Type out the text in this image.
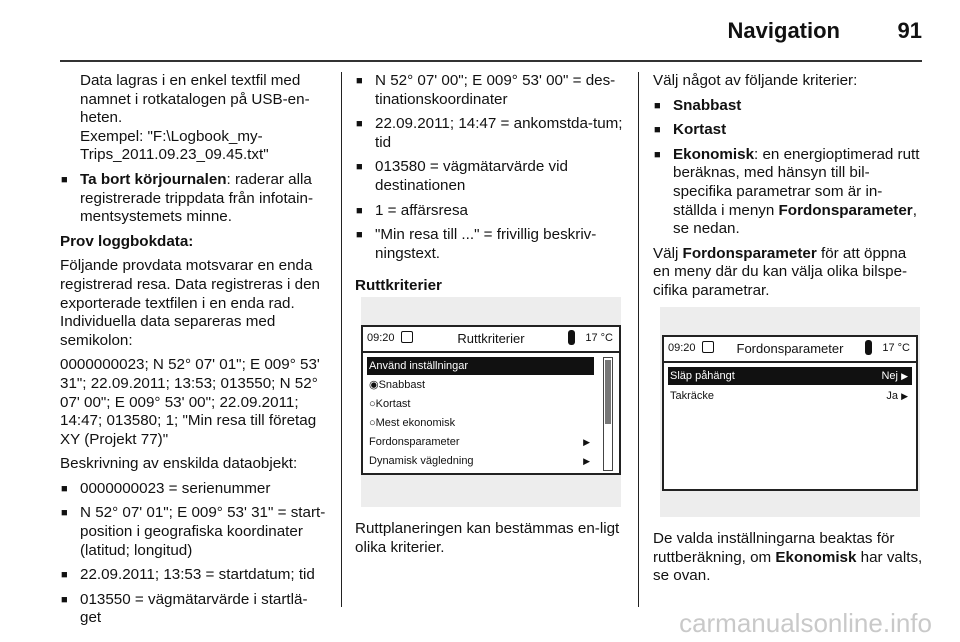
Navigation	91
Data lagras i en enkel textfil med namnet i rotkatalogen på USB-en-heten.
Exempel: "F:\Logbook_my-Trips_2011.09.23_09.45.txt"
■ Ta bort körjournalen: raderar alla registrerade trippdata från infotain-mentsystemets minne.
Prov loggbokdata:
Följande provdata motsvarar en enda registrerad resa. Data registreras i den exporterade textfilen i en enda rad. Individuella data separeras med semikolon:
0000000023; N 52° 07' 01"; E 009° 53' 31"; 22.09.2011; 13:53; 013550; N 52° 07' 00"; E 009° 53' 00"; 22.09.2011; 14:47; 013580; 1; "Min resa till företag XY (Projekt 77)"
Beskrivning av enskilda dataobjekt:
■ 0000000023 = serienummer
■ N 52° 07' 01"; E 009° 53' 31" = start-position i geografiska koordinater (latitud; longitud)
■ 22.09.2011; 13:53 = startdatum; tid
■ 013550 = vägmätarvärde i startlä-get
■ N 52° 07' 00"; E 009° 53' 00" = des-tinationskoordinater
■ 22.09.2011; 14:47 = ankomstda-tum; tid
■ 013580 = vägmätarvärde vid destinationen
■ 1 = affärsresa
■ "Min resa till ..." = frivillig beskriv-ningstext.
Ruttkriterier
09:20	Ruttkriterier	17 °C
Använd inställningar
◉Snabbast
○Kortast
○Mest ekonomisk
Fordonsparameter	▶
Dynamisk vägledning	▶
Ruttplaneringen kan bestämmas en-ligt olika kriterier.
Välj något av följande kriterier:
■ Snabbast
■ Kortast
■ Ekonomisk: en energioptimerad rutt beräknas, med hänsyn till bil-specifika parametrar som är in-ställda i menyn Fordonsparameter, se nedan.
Välj Fordonsparameter för att öppna en meny där du kan välja olika bilspe-cifika parametrar.
09:20	Fordonsparameter	17 °C
Släp påhängt	Nej ▶
Takräcke	Ja ▶
De valda inställningarna beaktas för ruttberäkning, om Ekonomisk har valts, se ovan.
carmanualsonline.info
